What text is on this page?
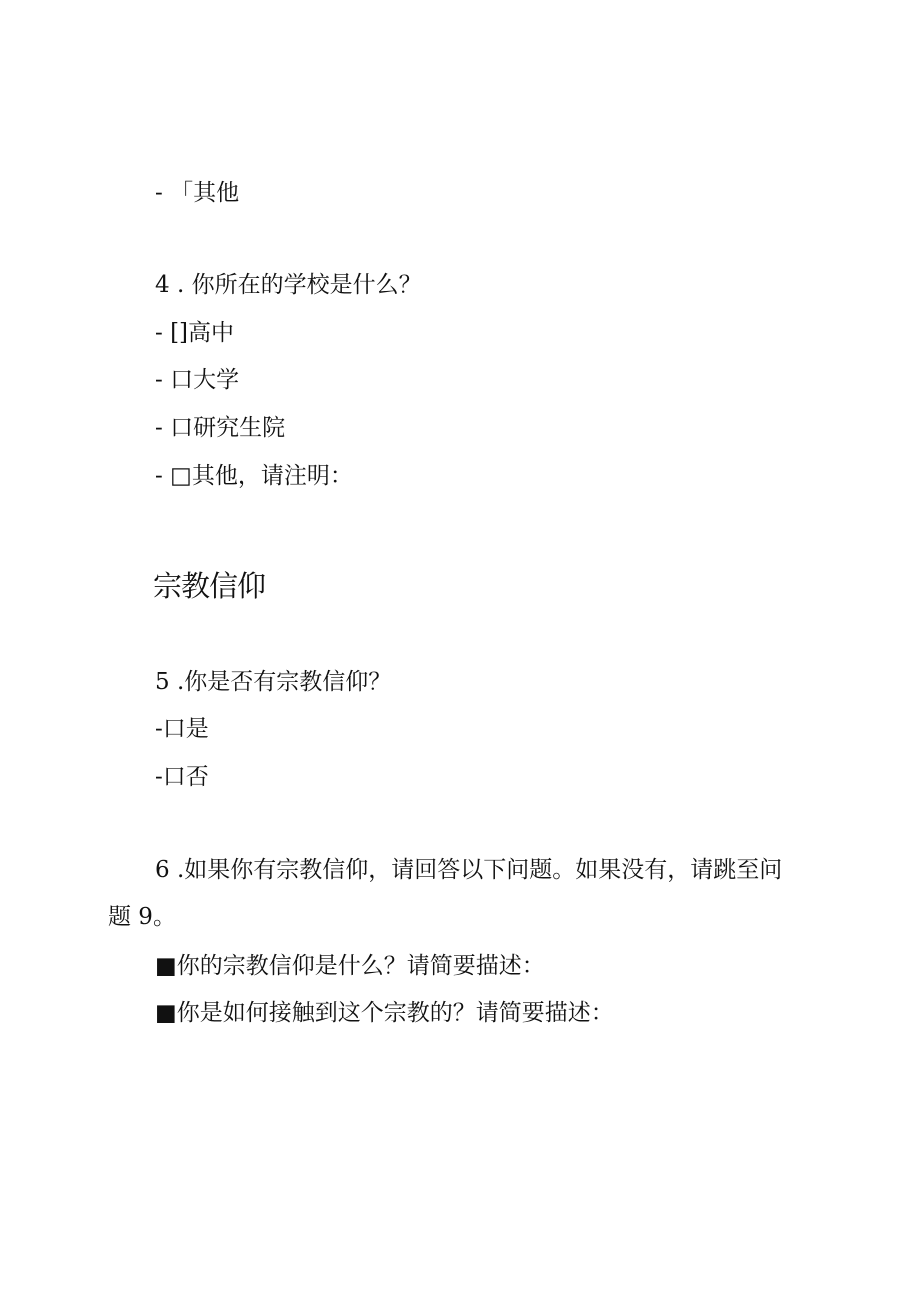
- 「其他
4 . 你所在的学校是什么？
- []高中
- 口大学
- 口研究生院
- □其他，请注明：
宗教信仰
5 .你是否有宗教信仰？
-口是
-口否
6 .如果你有宗教信仰，请回答以下问题。如果没有，请跳至问
题 9。
■你的宗教信仰是什么？请简要描述：
■你是如何接触到这个宗教的？请简要描述：
